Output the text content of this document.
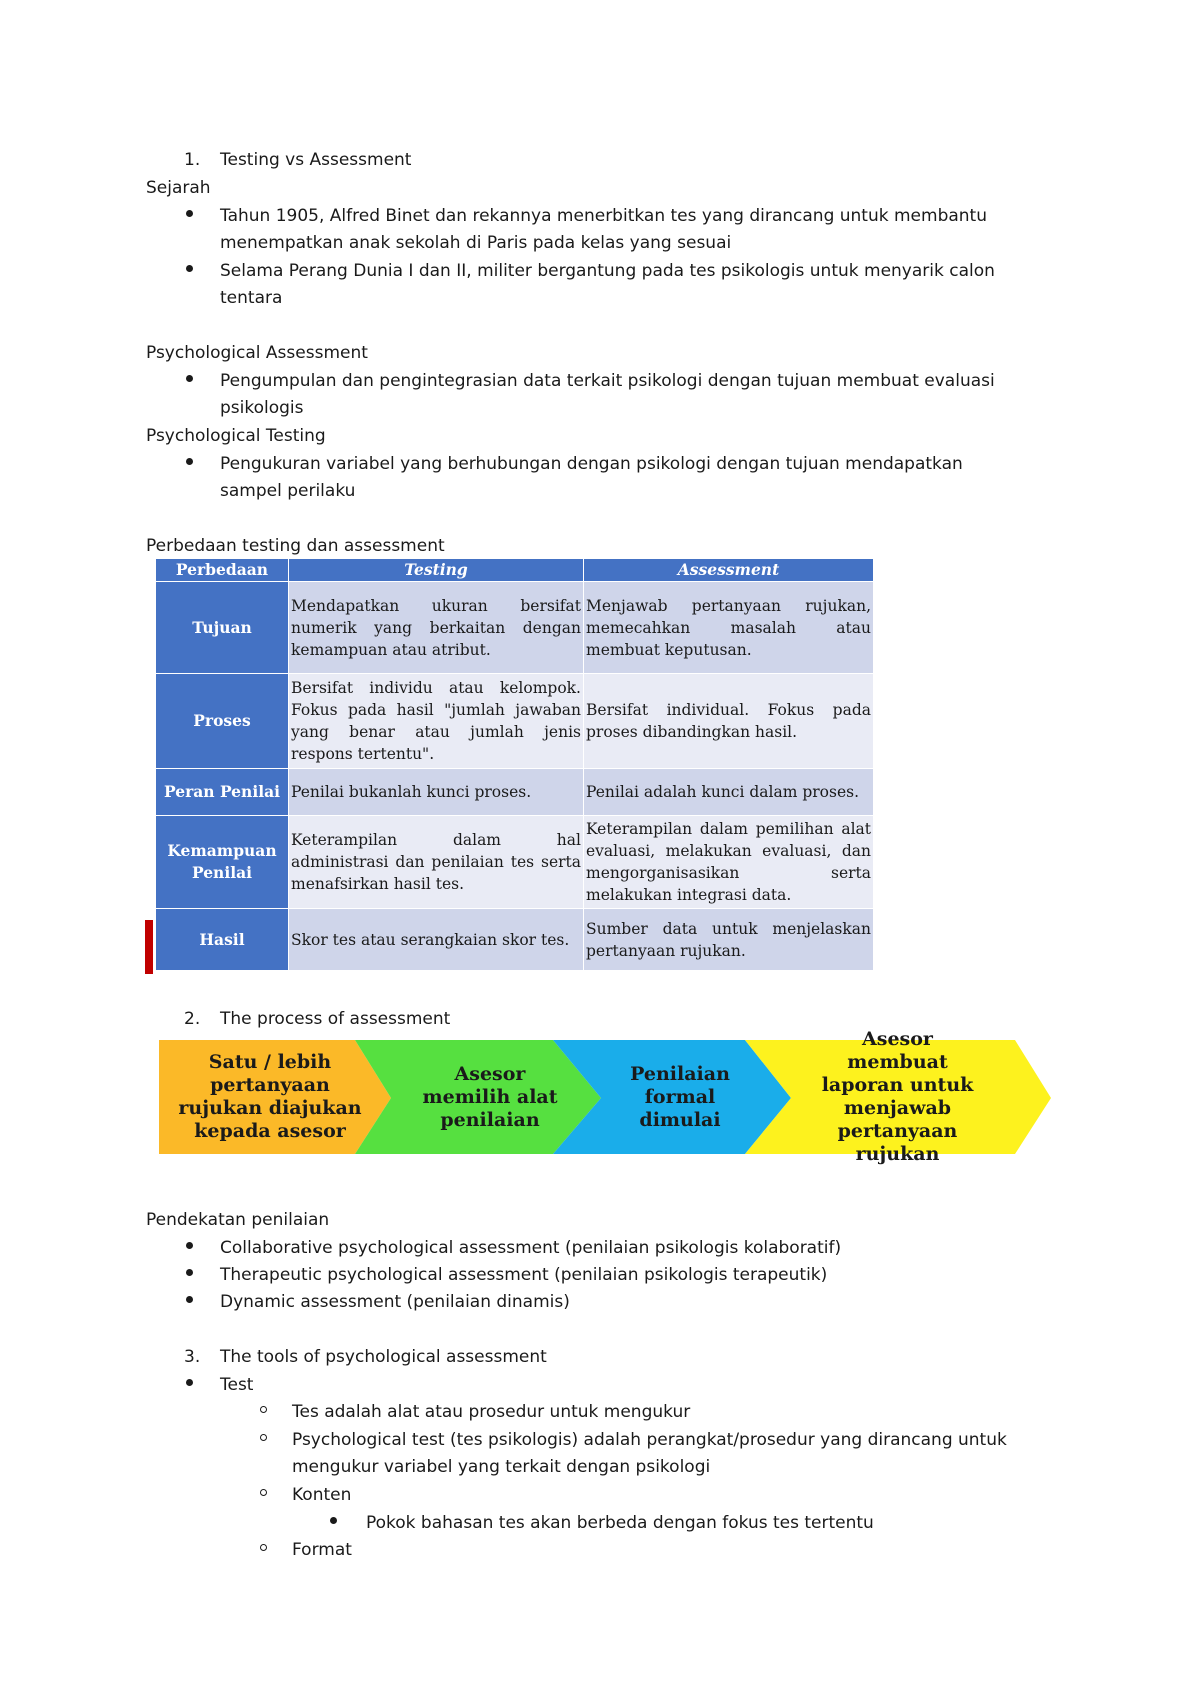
1. Testing vs Assessment
Sejarah
Tahun 1905, Alfred Binet dan rekannya menerbitkan tes yang dirancang untuk membantu
menempatkan anak sekolah di Paris pada kelas yang sesuai
Selama Perang Dunia I dan II, militer bergantung pada tes psikologis untuk menyarik calon
tentara
Psychological Assessment
Pengumpulan dan pengintegrasian data terkait psikologi dengan tujuan membuat evaluasi
psikologis
Psychological Testing
Pengukuran variabel yang berhubungan dengan psikologi dengan tujuan mendapatkan
sampel perilaku
Perbedaan testing dan assessment
Perbedaan	Testing	Assessment
Tujuan	Mendapatkan ukuran bersifat numerik yang berkaitan dengan kemampuan atau atribut.	Menjawab pertanyaan rujukan, memecahkan masalah atau membuat keputusan.
Proses	Bersifat individu atau kelompok. Fokus pada hasil "jumlah jawaban yang benar atau jumlah jenis respons tertentu".	Bersifat individual. Fokus pada proses dibandingkan hasil.
Peran Penilai	Penilai bukanlah kunci proses.	Penilai adalah kunci dalam proses.
Kemampuan Penilai	Keterampilan dalam hal administrasi dan penilaian tes serta menafsirkan hasil tes.	Keterampilan dalam pemilihan alat evaluasi, melakukan evaluasi, dan mengorganisasikan serta melakukan integrasi data.
Hasil	Skor tes atau serangkaian skor tes.	Sumber data untuk menjelaskan pertanyaan rujukan.
2. The process of assessment
Satu / lebih pertanyaan rujukan diajukan kepada asesor
Asesor memilih alat penilaian
Penilaian formal dimulai
Asesor membuat laporan untuk menjawab pertanyaan rujukan
Pendekatan penilaian
Collaborative psychological assessment (penilaian psikologis kolaboratif)
Therapeutic psychological assessment (penilaian psikologis terapeutik)
Dynamic assessment (penilaian dinamis)
3. The tools of psychological assessment
Test
Tes adalah alat atau prosedur untuk mengukur
Psychological test (tes psikologis) adalah perangkat/prosedur yang dirancang untuk
mengukur variabel yang terkait dengan psikologi
Konten
Pokok bahasan tes akan berbeda dengan fokus tes tertentu
Format
